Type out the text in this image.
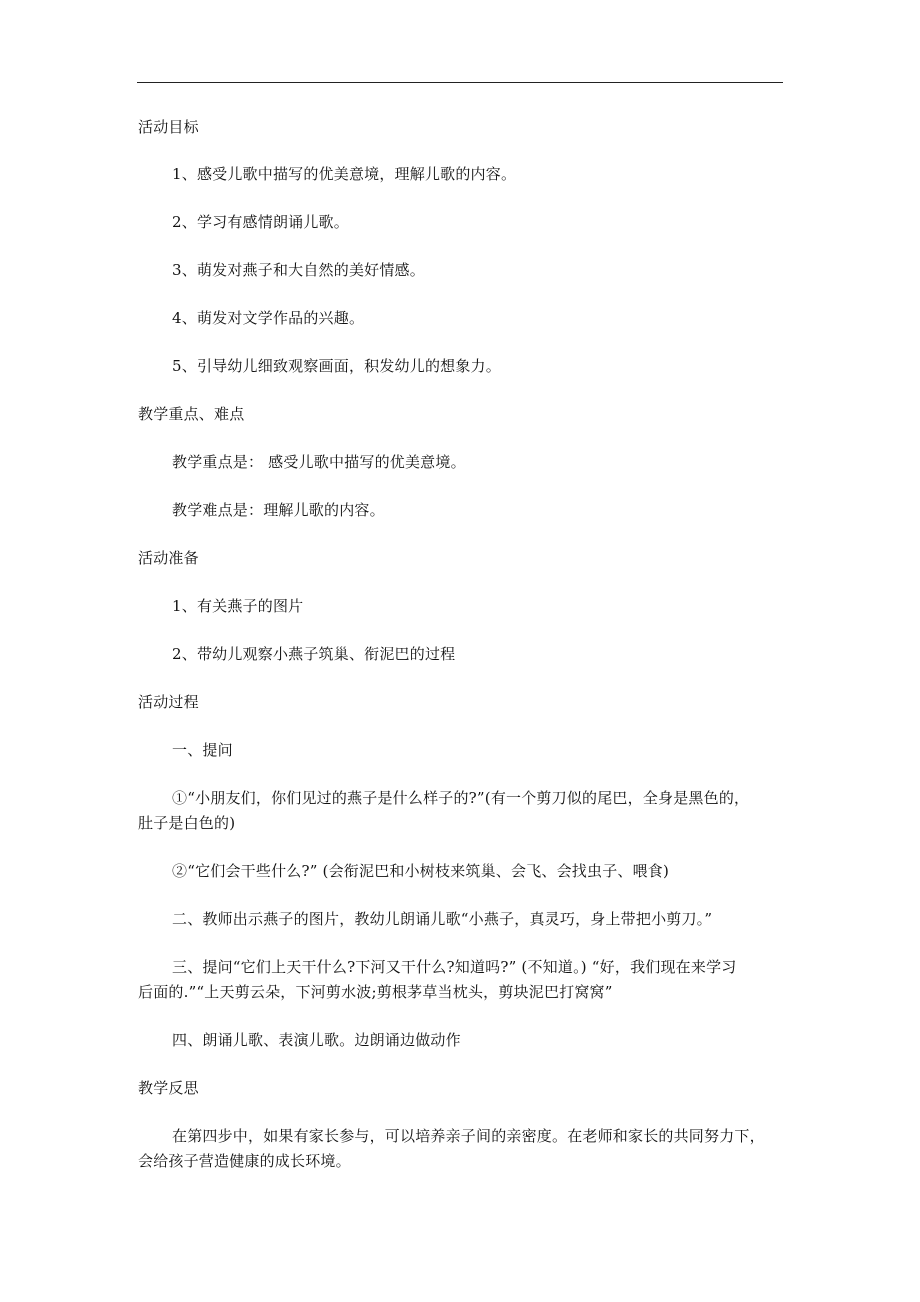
活动目标
1、感受儿歌中描写的优美意境，理解儿歌的内容。
2、学习有感情朗诵儿歌。
3、萌发对燕子和大自然的美好情感。
4、萌发对文学作品的兴趣。
5、引导幼儿细致观察画面，积发幼儿的想象力。
教学重点、难点
教学重点是： 感受儿歌中描写的优美意境。
教学难点是：理解儿歌的内容。
活动准备
1、有关燕子的图片
2、带幼儿观察小燕子筑巢、衔泥巴的过程
活动过程
一、提问
①“小朋友们，你们见过的燕子是什么样子的?”(有一个剪刀似的尾巴，全身是黑色的，
肚子是白色的)
②“它们会干些什么?” (会衔泥巴和小树枝来筑巢、会飞、会找虫子、喂食)
二、教师出示燕子的图片，教幼儿朗诵儿歌“小燕子，真灵巧，身上带把小剪刀。”
三、提问“它们上天干什么?下河又干什么?知道吗?” (不知道。) “好，我们现在来学习
后面的.”“上天剪云朵，下河剪水波;剪根茅草当枕头，剪块泥巴打窝窝”
四、朗诵儿歌、表演儿歌。边朗诵边做动作
教学反思
在第四步中，如果有家长参与，可以培养亲子间的亲密度。在老师和家长的共同努力下，
会给孩子营造健康的成长环境。
